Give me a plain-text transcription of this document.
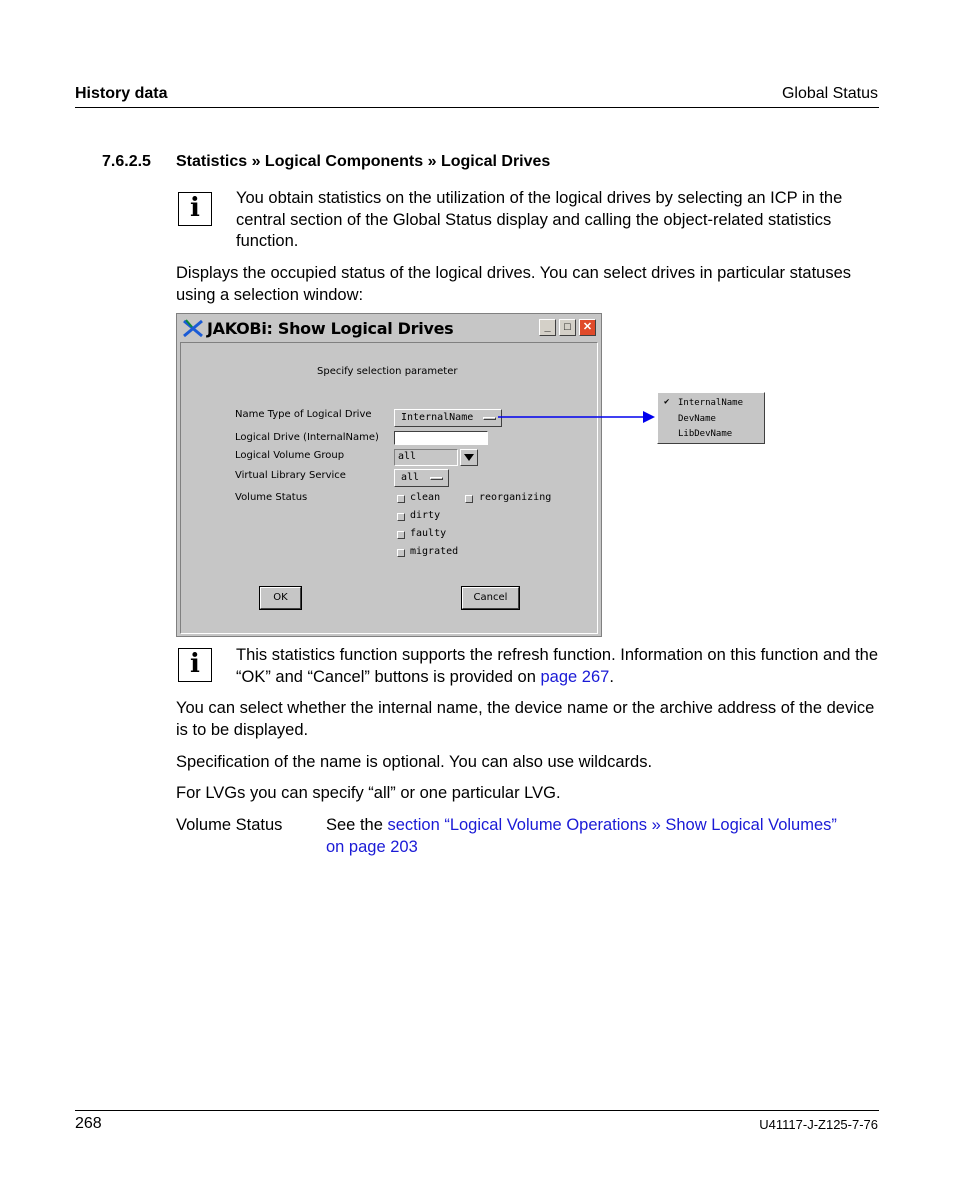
History data	Global Status
7.6.2.5 Statistics » Logical Components » Logical Drives
i	You obtain statistics on the utilization of the logical drives by selecting an ICP in the central section of the Global Status display and calling the object-related statistics function.
Displays the occupied status of the logical drives. You can select drives in particular statuses using a selection window:
JAKOBi: Show Logical Drives	_	□	✕
Specify selection parameter
Name Type of Logical Drive	InternalName
Logical Drive (InternalName)
Logical Volume Group	all
Virtual Library Service	all
Volume Status	clean	reorganizing
dirty
faulty
migrated
OK	Cancel
✔ InternalName
DevName
LibDevName
i	This statistics function supports the refresh function. Information on this function and the “OK” and “Cancel” buttons is provided on page 267.
You can select whether the internal name, the device name or the archive address of the device is to be displayed.
Specification of the name is optional. You can also use wildcards.
For LVGs you can specify “all” or one particular LVG.
Volume Status	See the section “Logical Volume Operations » Show Logical Volumes”
on page 203
268	U41117-J-Z125-7-76
